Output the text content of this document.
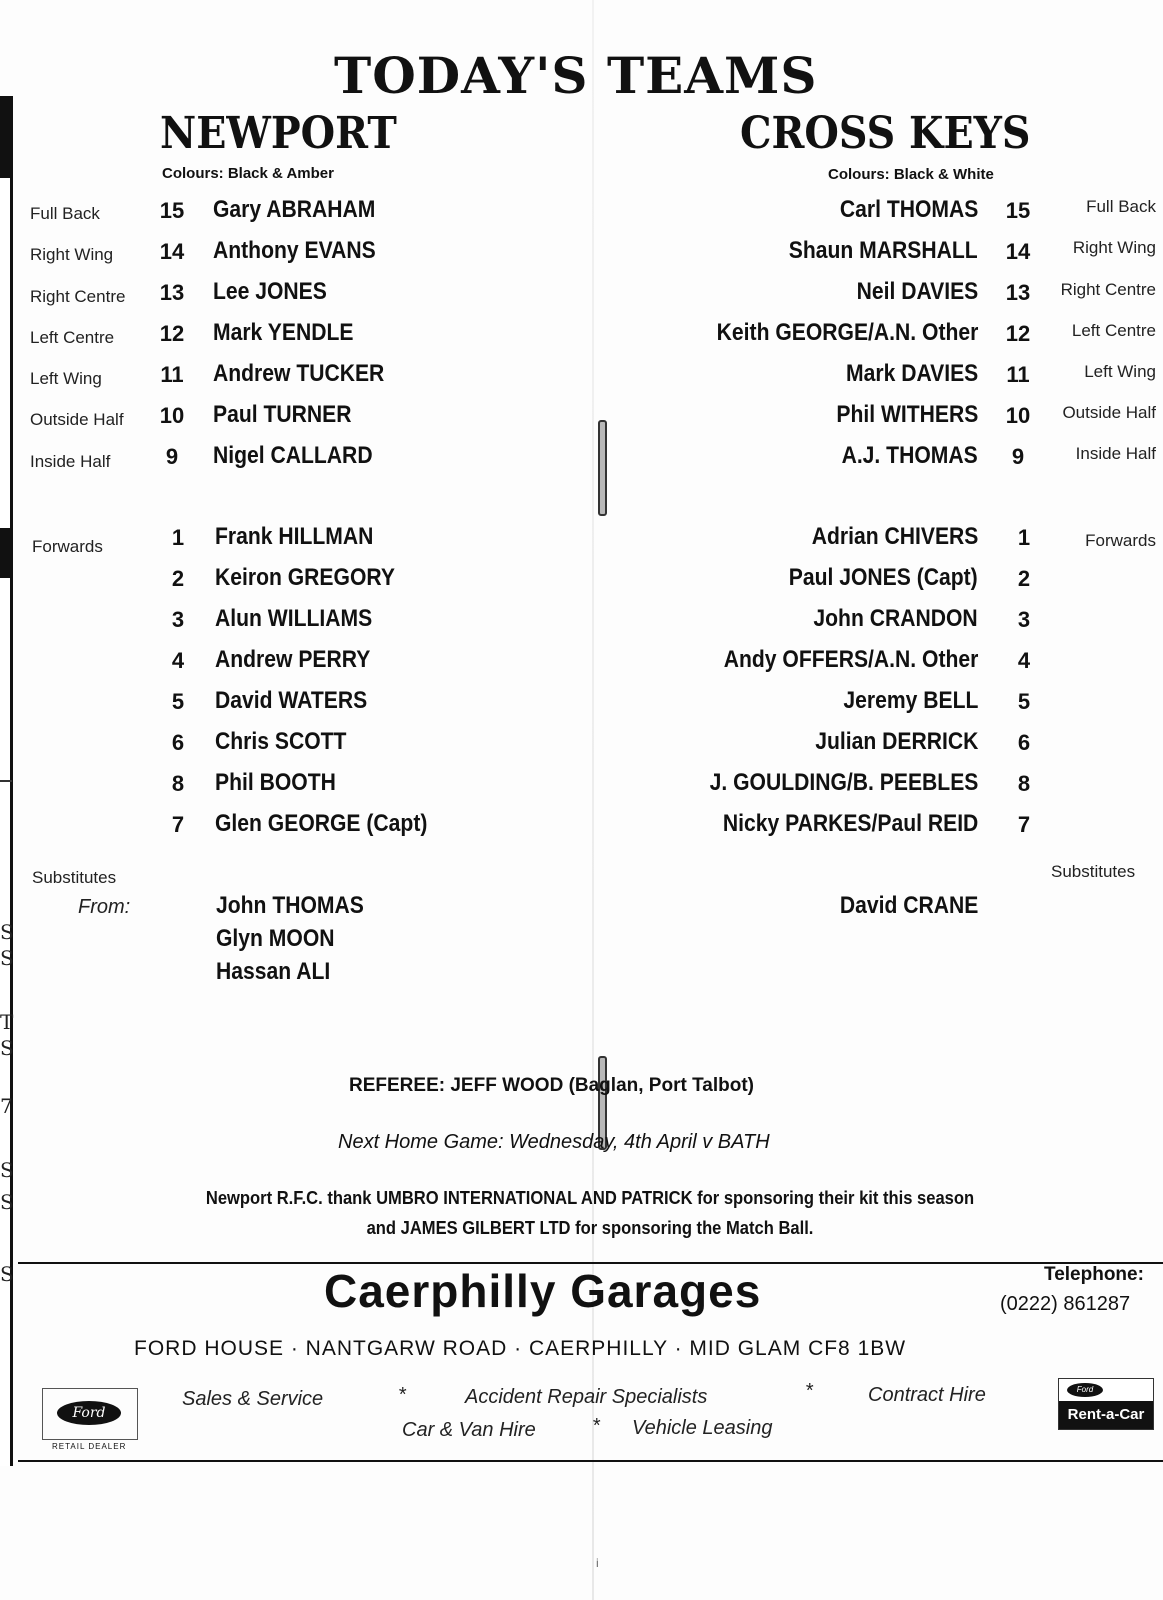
S
S
T
S
7
S
S
S
TODAY'S TEAMS
NEWPORT
Colours: Black & Amber
CROSS KEYS
Colours: Black & White
Full Back	15	Gary ABRAHAM
Right Wing	14	Anthony EVANS
Right Centre	13	Lee JONES
Left Centre	12	Mark YENDLE
Left Wing	11	Andrew TUCKER
Outside Half	10	Paul TURNER
Inside Half	9	Nigel CALLARD
Forwards	1	Frank HILLMAN
2	Keiron GREGORY
3	Alun WILLIAMS
4	Andrew PERRY
5	David WATERS
6	Chris SCOTT
8	Phil BOOTH
7	Glen GEORGE (Capt)
Carl THOMAS	15	Full Back
Shaun MARSHALL	14	Right Wing
Neil DAVIES	13	Right Centre
Keith GEORGE/A.N. Other	12	Left Centre
Mark DAVIES	11	Left Wing
Phil WITHERS	10	Outside Half
A.J. THOMAS	9	Inside Half
Forwards
Adrian CHIVERS	1
Paul JONES (Capt)	2
John CRANDON	3
Andy OFFERS/A.N. Other	4
Jeremy BELL	5
Julian DERRICK	6
J. GOULDING/B. PEEBLES	8
Nicky PARKES/Paul REID	7
Substitutes
From:	John THOMAS
Glyn MOON
Hassan ALI
Substitutes
David CRANE
REFEREE: JEFF WOOD (Baglan, Port Talbot)
Next Home Game: Wednesday, 4th April v BATH
Newport R.F.C. thank UMBRO INTERNATIONAL AND PATRICK for sponsoring their kit this season
and JAMES GILBERT LTD for sponsoring the Match Ball.
Caerphilly Garages	Telephone:
(0222) 861287
FORD HOUSE · NANTGARW ROAD · CAERPHILLY · MID GLAM CF8 1BW
Sales & Service	*	Accident Repair Specialists	*	Contract Hire
Car & Van Hire	* Vehicle Leasing
Ford
RETAIL DEALER
Ford
Rent-a-Car
i
